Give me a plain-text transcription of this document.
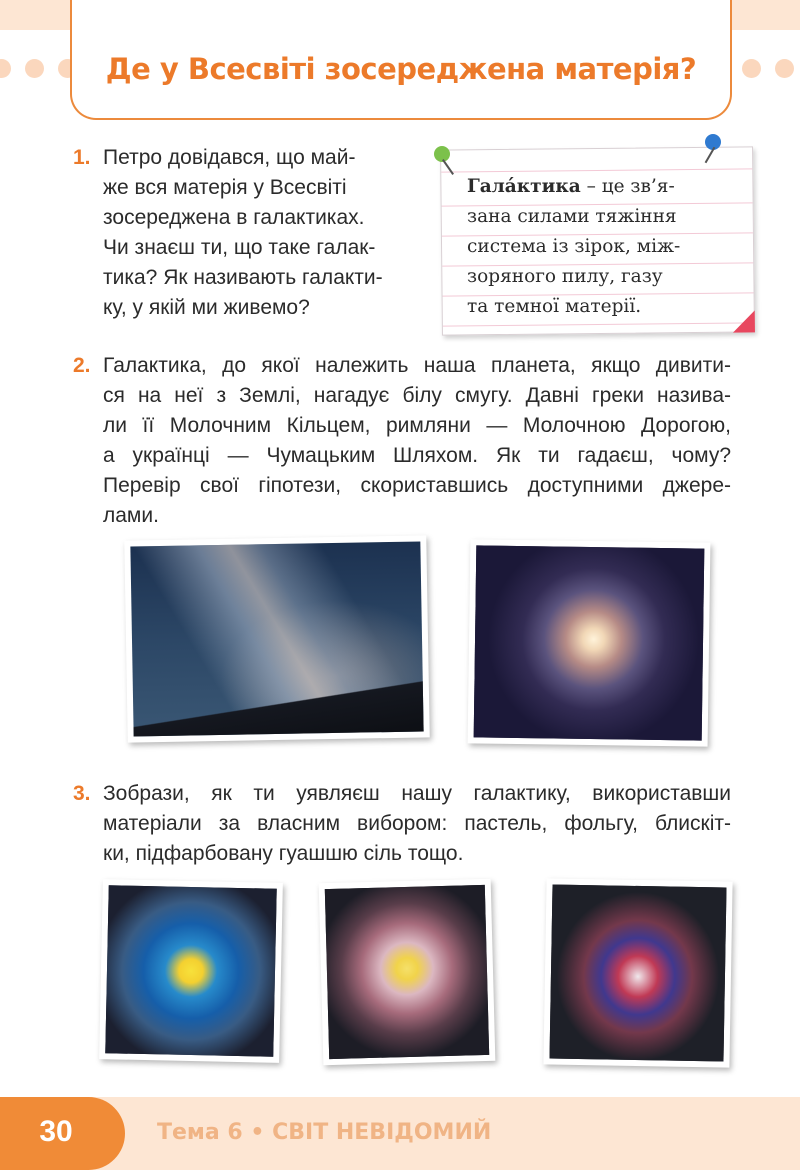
Де у Всесвіті зосереджена матерія?
1. Петро довідався, що май-
же вся матерія у Всесвіті
зосереджена в галактиках.
Чи знаєш ти, що таке галак-
тика? Як називають галакти-
ку, у якій ми живемо?
Гала́ктика – це зв’я-
зана силами тяжіння
система із зірок, між-
зоряного пилу, газу
та темної матерії.
2. Галактика, до якої належить наша планета, якщо дивити-
ся на неї з Землі, нагадує білу смугу. Давні греки назива-
ли її Молочним Кільцем, римляни — Молочною Дорогою,
а українці — Чумацьким Шляхом. Як ти гадаєш, чому?
Перевір свої гіпотези, скориставшись доступними джере-
лами.
3. Зобрази, як ти уявляєш нашу галактику, використавши
матеріали за власним вибором: пастель, фольгу, блискіт-
ки, підфарбовану гуашшю сіль тощо.
30	Тема 6 • СВІТ НЕВІДОМИЙ
